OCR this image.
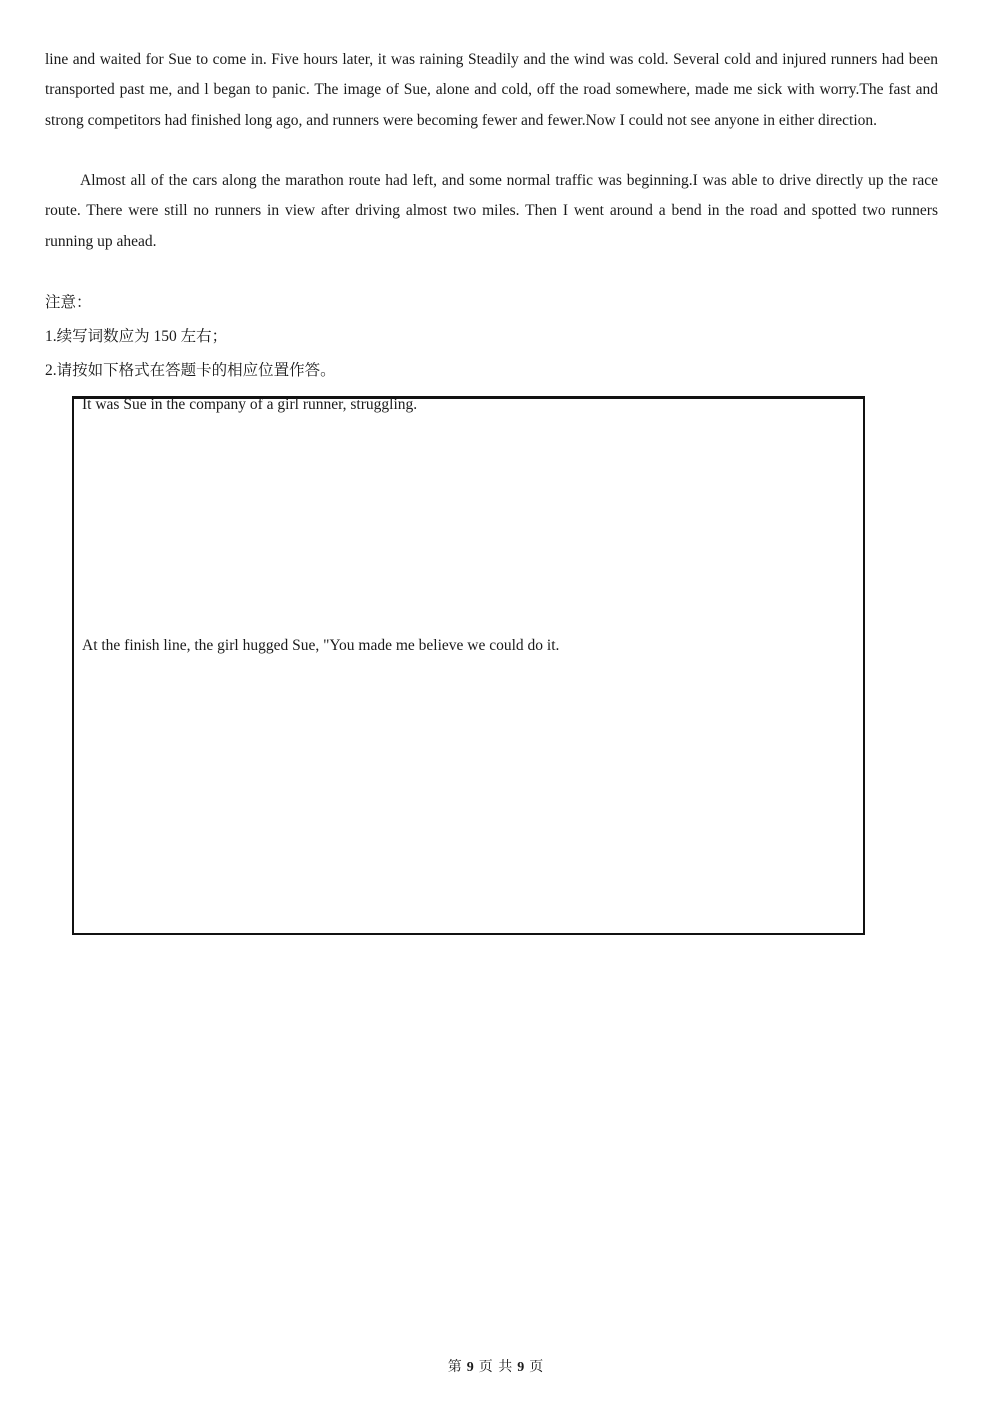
line and waited for Sue to come in. Five hours later, it was raining Steadily and the wind was cold. Several cold and injured runners had been transported past me, and l began to panic. The image of Sue, alone and cold, off the road somewhere, made me sick with worry.The fast and strong competitors had finished long ago, and runners were becoming fewer and fewer.Now I could not see anyone in either direction.

Almost all of the cars along the marathon route had left, and some normal traffic was beginning.I was able to drive directly up the race route. There were still no runners in view after driving almost two miles. Then I went around a bend in the road and spotted two runners running up ahead.

注意：

1.续写词数应为 150 左右；

2.请按如下格式在答题卡的相应位置作答。

It was Sue in the company of a girl runner, struggling.

At the finish line, the girl hugged Sue, "You made me believe we could do it.

第 9 页 共 9 页
